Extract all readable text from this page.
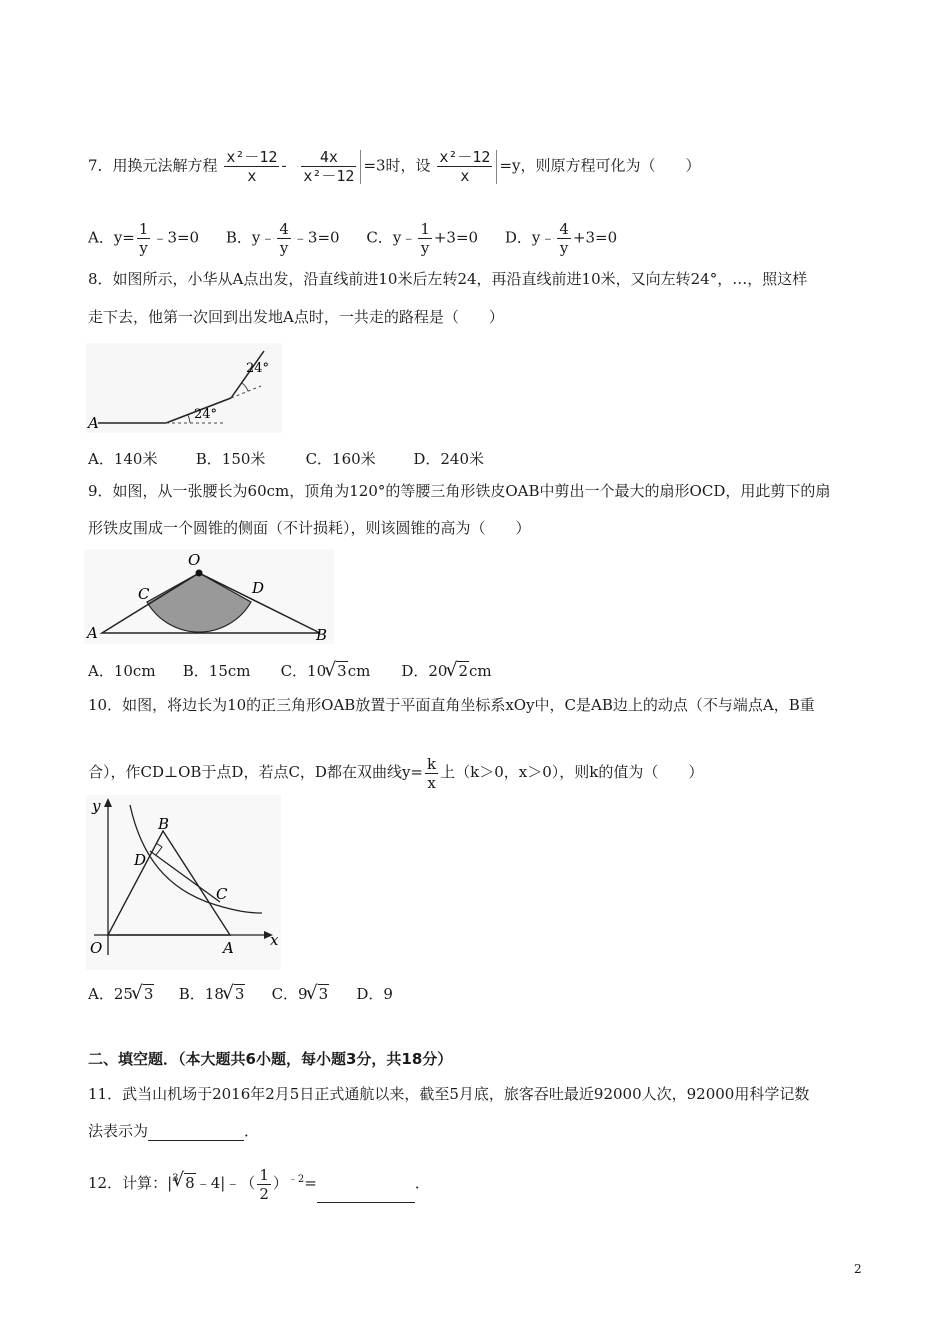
7．用换元法解方程 $\frac{\text{x²－12}}{x} - \frac{4x}{\text{x²－12}} =3$时，设 $\frac{\text{x²－12}}{x} =y$，则原方程可化为（　　）
A．$y= \frac{1}{y}$ ﹣3=0 B．y﹣ $\frac{4}{y}$ ﹣3=0 C．y﹣ $\frac{1}{y} +3=0$ D．y﹣ $\frac{4}{y} +3=0$
8．如图所示，小华从A点出发，沿直线前进10米后左转24，再沿直线前进10米，又向左转24°，…，照这样
走下去，他第一次回到出发地A点时，一共走的路程是（　　）
A	24°
24°
A．140米	B．150米	C．160米	D．240米
9．如图，从一张腰长为60cm，顶角为120°的等腰三角形铁皮OAB中剪出一个最大的扇形OCD，用此剪下的扇
形铁皮围成一个圆锥的侧面（不计损耗），则该圆锥的高为（　　）
O
A	B
C	D
A．10cm B．15cm C．10 √ 3cm D．20 √ 2cm
10．如图，将边长为10的正三角形OAB放置于平面直角坐标系xOy中，C是AB边上的动点（不与端点A，B重
合），作CD⊥OB于点D，若点C，D都在双曲线$y= \frac{k}{x}$ 上（k＞0，x＞0），则k的值为（　　）
y
x
O	A
B
C
D
A．25 √ 3 B．18 √ 3 C．9 √ 3 D．9
二、填空题．（本大题共6小题，每小题3分，共18分）
11．武当山机场于2016年2月5日正式通航以来，截至5月底，旅客吞吐最近92000人次，92000用科学记数
法表示为	．
12．计算：| 3 √ 8﹣4|﹣（ $\frac{1}{2} )^{﹣2}=$	．
2
